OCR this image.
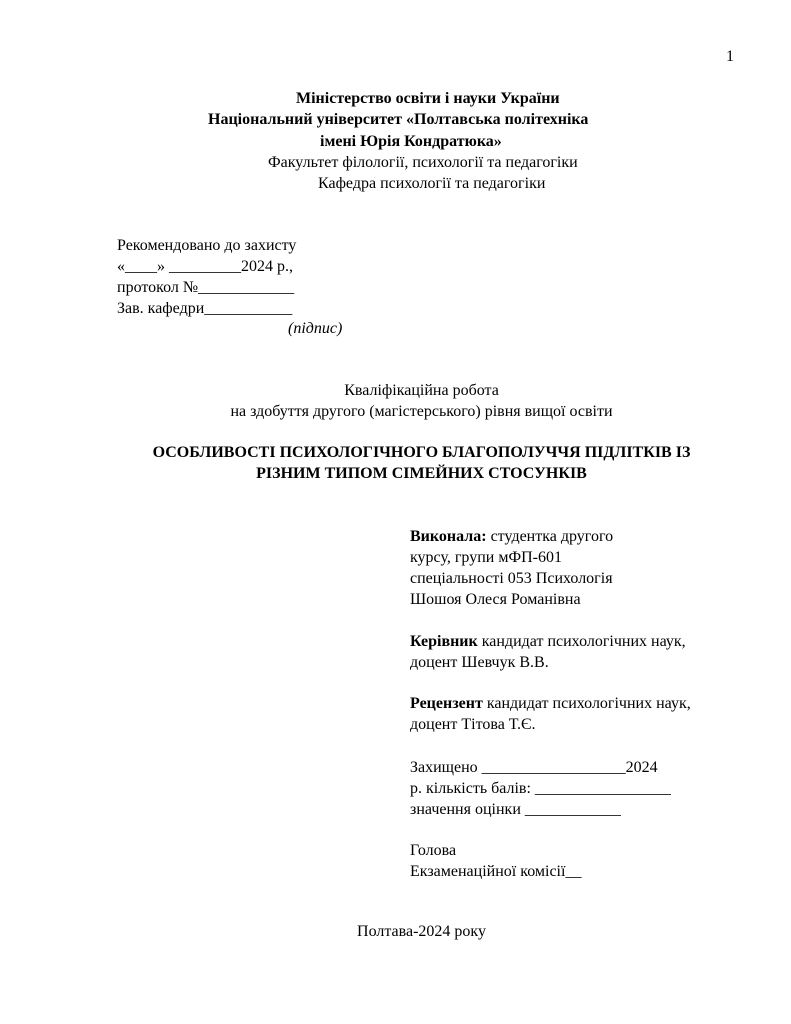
1
Міністерство освіти і науки України
Національний університет «Полтавська політехніка
імені Юрія Кондратюка»
Факультет філології, психології та педагогіки
Кафедра психології та педагогіки
Рекомендовано до захисту
«____» _________2024 р.,
протокол №____________
Зав. кафедри___________
(підпис)
Кваліфікаційна робота
на здобуття другого (магістерського) рівня вищої освіти
ОСОБЛИВОСТІ ПСИХОЛОГІЧНОГО БЛАГОПОЛУЧЧЯ ПІДЛІТКІВ ІЗ
РІЗНИМ ТИПОМ СІМЕЙНИХ СТОСУНКІВ
Виконала: студентка другого
курсу, групи мФП-601
спеціальності 053 Психологія
Шошоя Олеся Романівна
Керівник кандидат психологічних наук,
доцент Шевчук В.В.
Рецензент кандидат психологічних наук,
доцент Тітова Т.Є.
Захищено __________________2024
р. кількість балів: _________________
значення оцінки ____________
Голова
Екзаменаційної комісії__
Полтава-2024 року
